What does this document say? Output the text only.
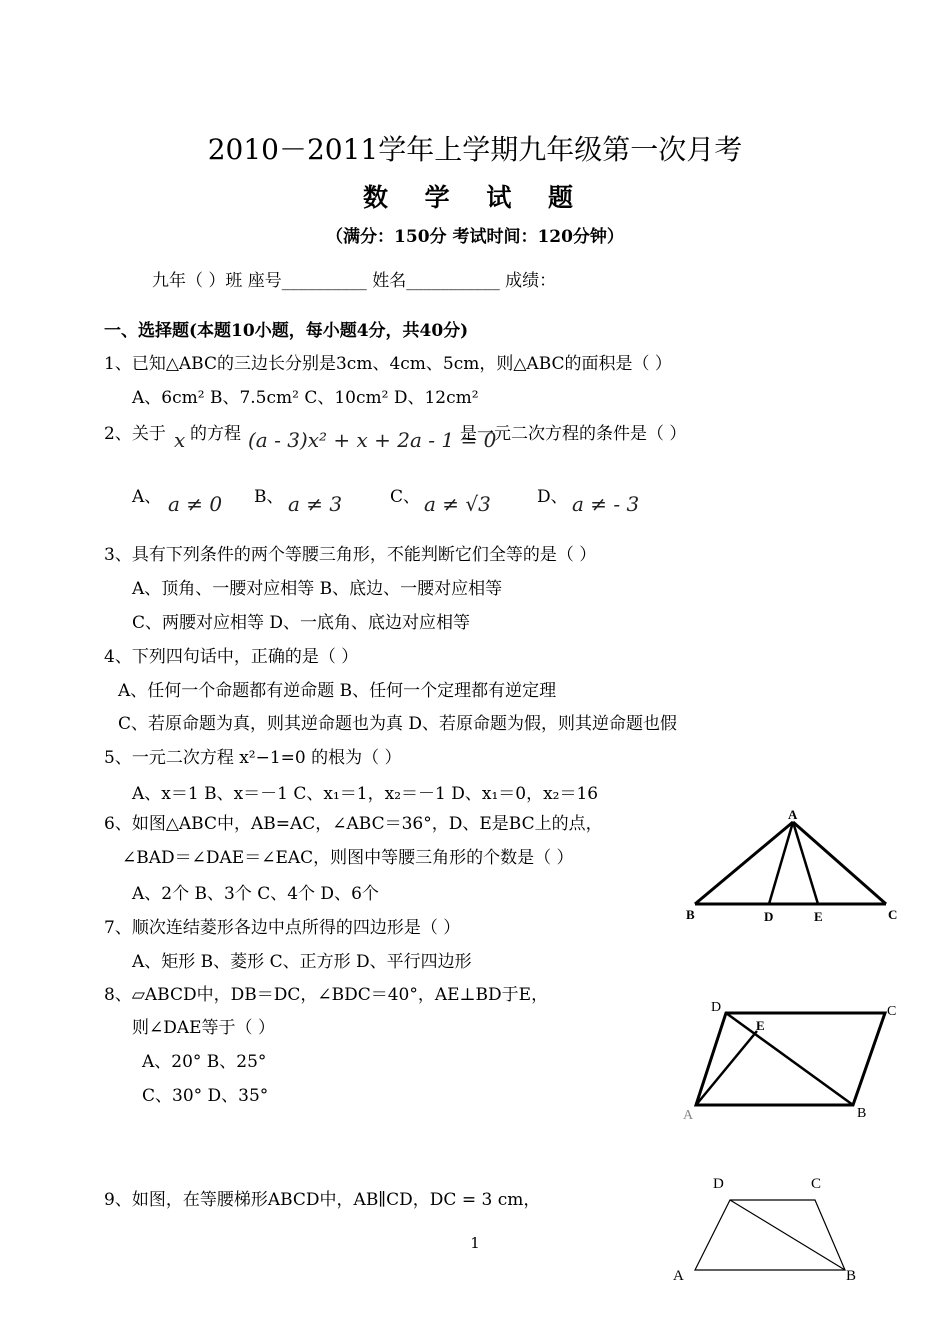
2010－2011学年上学期九年级第一次月考
数 学 试 题
（满分：150分 考试时间：120分钟）
九年（ ）班 座号__________ 姓名___________ 成绩：
一、选择题(本题10小题，每小题4分，共40分)
1、已知△ABC的三边长分别是3cm、4cm、5cm，则△ABC的面积是（ ）
A、6cm² B、7.5cm² C、10cm² D、12cm²
2、关于 x 的方程 (a - 3)x² + x + 2a - 1 = 0
是一元二次方程的条件是（ ）
A、 a ≠ 0 B、 a ≠ 3	C、 a ≠ √3	D、 a ≠ - 3
3、具有下列条件的两个等腰三角形，不能判断它们全等的是（ ）
A、顶角、一腰对应相等 B、底边、一腰对应相等
C、两腰对应相等 D、一底角、底边对应相等
4、下列四句话中，正确的是（ ）
A、任何一个命题都有逆命题 B、任何一个定理都有逆定理
C、若原命题为真，则其逆命题也为真 D、若原命题为假，则其逆命题也假
5、一元二次方程 x²−1=0 的根为（ ）
A、x＝1 B、x＝－1 C、x₁＝1，x₂＝－1 D、x₁＝0，x₂＝16
6、如图△ABC中，AB=AC，∠ABC＝36°，D、E是BC上的点，
∠BAD＝∠DAE＝∠EAC，则图中等腰三角形的个数是（ ）
A、2个 B、3个 C、4个 D、6个
A
B	D	E	C
7、顺次连结菱形各边中点所得的四边形是（ ）
A、矩形 B、菱形 C、正方形 D、平行四边形
8、▱ABCD中，DB＝DC，∠BDC＝40°，AE⊥BD于E，
则∠DAE等于（ ）
A、20° B、25°
C、30° D、35°
D
E
C
A	B
9、如图，在等腰梯形ABCD中，AB∥CD，DC = 3 cm，
D	C
A	B
1
